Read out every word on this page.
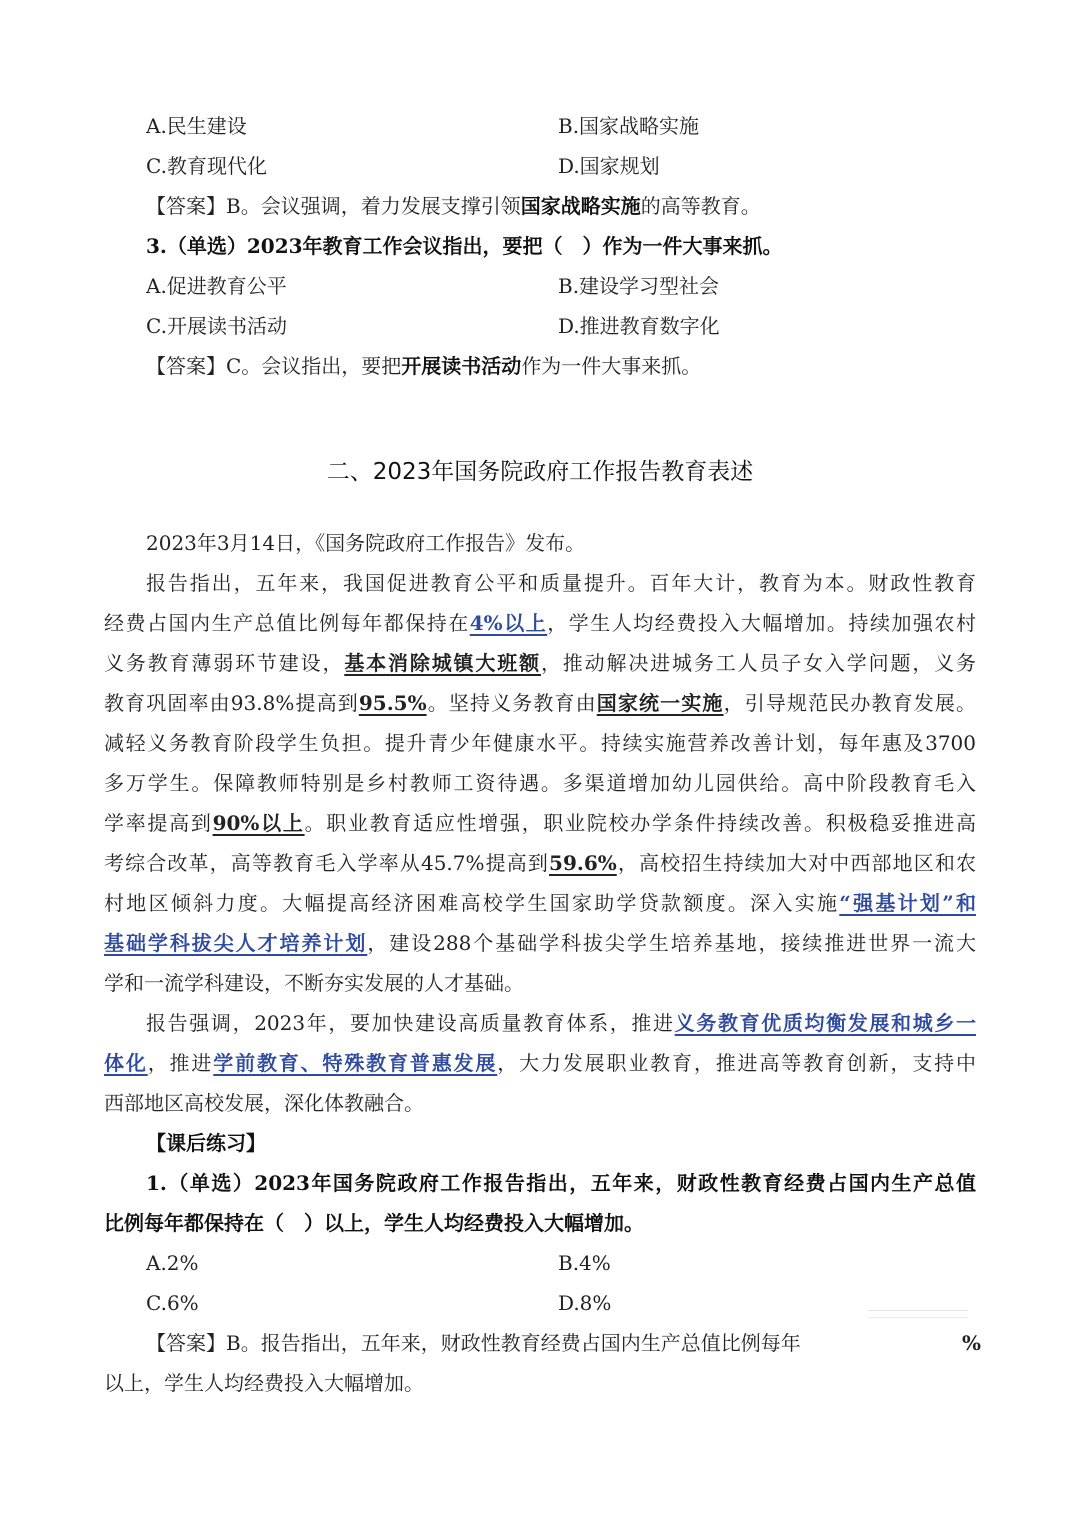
A.民生建设	B.国家战略实施
C.教育现代化	D.国家规划
【答案】B。会议强调，着力发展支撑引领国家战略实施的高等教育。
3.（单选）2023年教育工作会议指出，要把（　）作为一件大事来抓。
A.促进教育公平	B.建设学习型社会
C.开展读书活动	D.推进教育数字化
【答案】C。会议指出，要把开展读书活动作为一件大事来抓。
二、2023年国务院政府工作报告教育表述
2023年3月14日，《国务院政府工作报告》发布。
报告指出，五年来，我国促进教育公平和质量提升。百年大计，教育为本。财政性教育
经费占国内生产总值比例每年都保持在4%以上，学生人均经费投入大幅增加。持续加强农村
义务教育薄弱环节建设，基本消除城镇大班额，推动解决进城务工人员子女入学问题，义务
教育巩固率由93.8%提高到95.5%。坚持义务教育由国家统一实施，引导规范民办教育发展。
减轻义务教育阶段学生负担。提升青少年健康水平。持续实施营养改善计划，每年惠及3700
多万学生。保障教师特别是乡村教师工资待遇。多渠道增加幼儿园供给。高中阶段教育毛入
学率提高到90%以上。职业教育适应性增强，职业院校办学条件持续改善。积极稳妥推进高
考综合改革，高等教育毛入学率从45.7%提高到59.6%，高校招生持续加大对中西部地区和农
村地区倾斜力度。大幅提高经济困难高校学生国家助学贷款额度。深入实施“强基计划”和
基础学科拔尖人才培养计划，建设288个基础学科拔尖学生培养基地，接续推进世界一流大
学和一流学科建设，不断夯实发展的人才基础。
报告强调，2023年，要加快建设高质量教育体系，推进义务教育优质均衡发展和城乡一
体化，推进学前教育、特殊教育普惠发展，大力发展职业教育，推进高等教育创新，支持中
西部地区高校发展，深化体教融合。
【课后练习】
1.（单选）2023年国务院政府工作报告指出，五年来，财政性教育经费占国内生产总值
比例每年都保持在（　）以上，学生人均经费投入大幅增加。
A.2%	B.4%
C.6%	D.8%
【答案】B。报告指出，五年来，财政性教育经费占国内生产总值比例每年	%
以上，学生人均经费投入大幅增加。
